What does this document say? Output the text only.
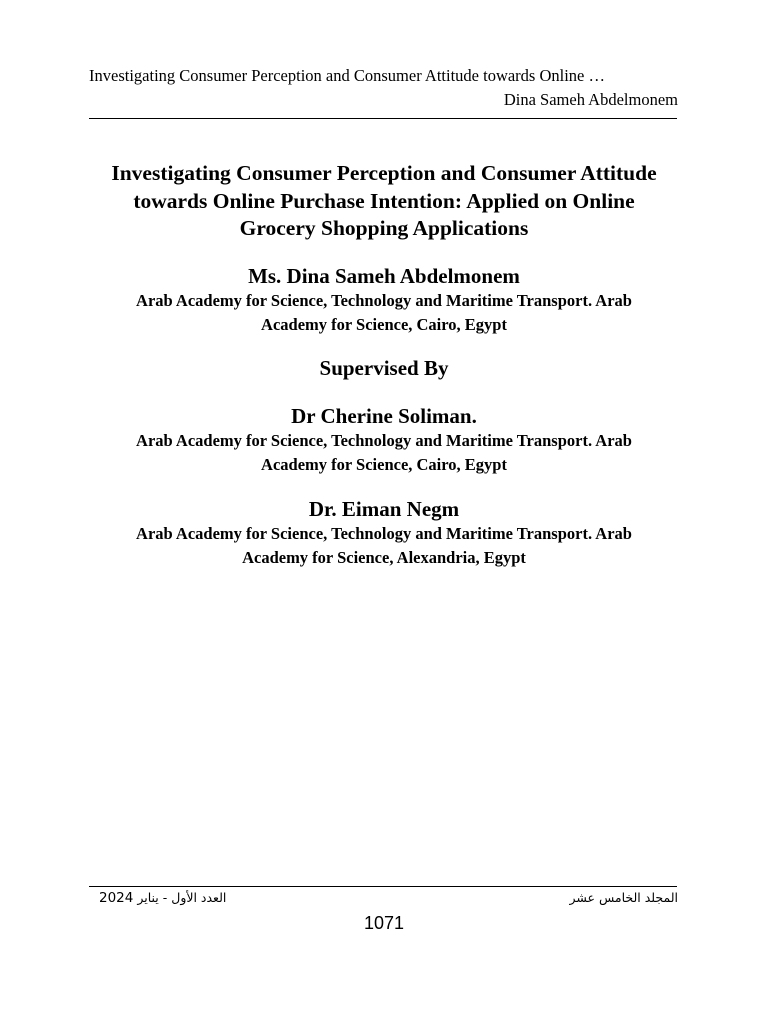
Investigating Consumer Perception and Consumer Attitude towards Online …
Dina Sameh Abdelmonem
Investigating Consumer Perception and Consumer Attitude
towards Online Purchase Intention: Applied on Online
Grocery Shopping Applications
Ms. Dina Sameh Abdelmonem
Arab Academy for Science, Technology and Maritime Transport. Arab
Academy for Science, Cairo, Egypt
Supervised By
Dr Cherine Soliman.
Arab Academy for Science, Technology and Maritime Transport. Arab
Academy for Science, Cairo, Egypt
Dr. Eiman Negm
Arab Academy for Science, Technology and Maritime Transport. Arab
Academy for Science, Alexandria, Egypt
المجلد الخامس عشر
2024 العدد الأول - يناير
1071
